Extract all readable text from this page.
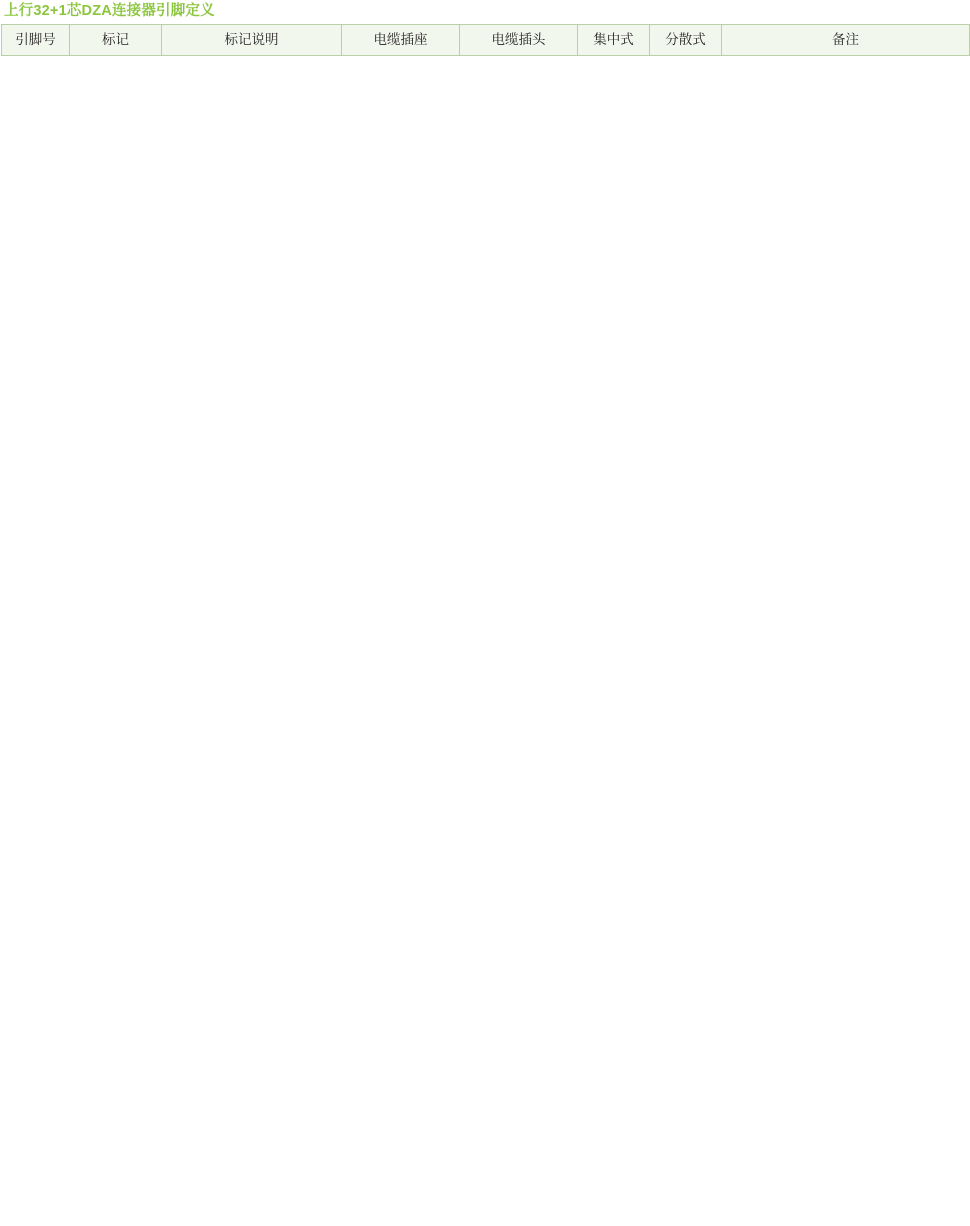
上行32+1芯DZA连接器引脚定义
引脚号	标记	标记说明	电缆插座	电缆插头	集中式	分散式	备注
